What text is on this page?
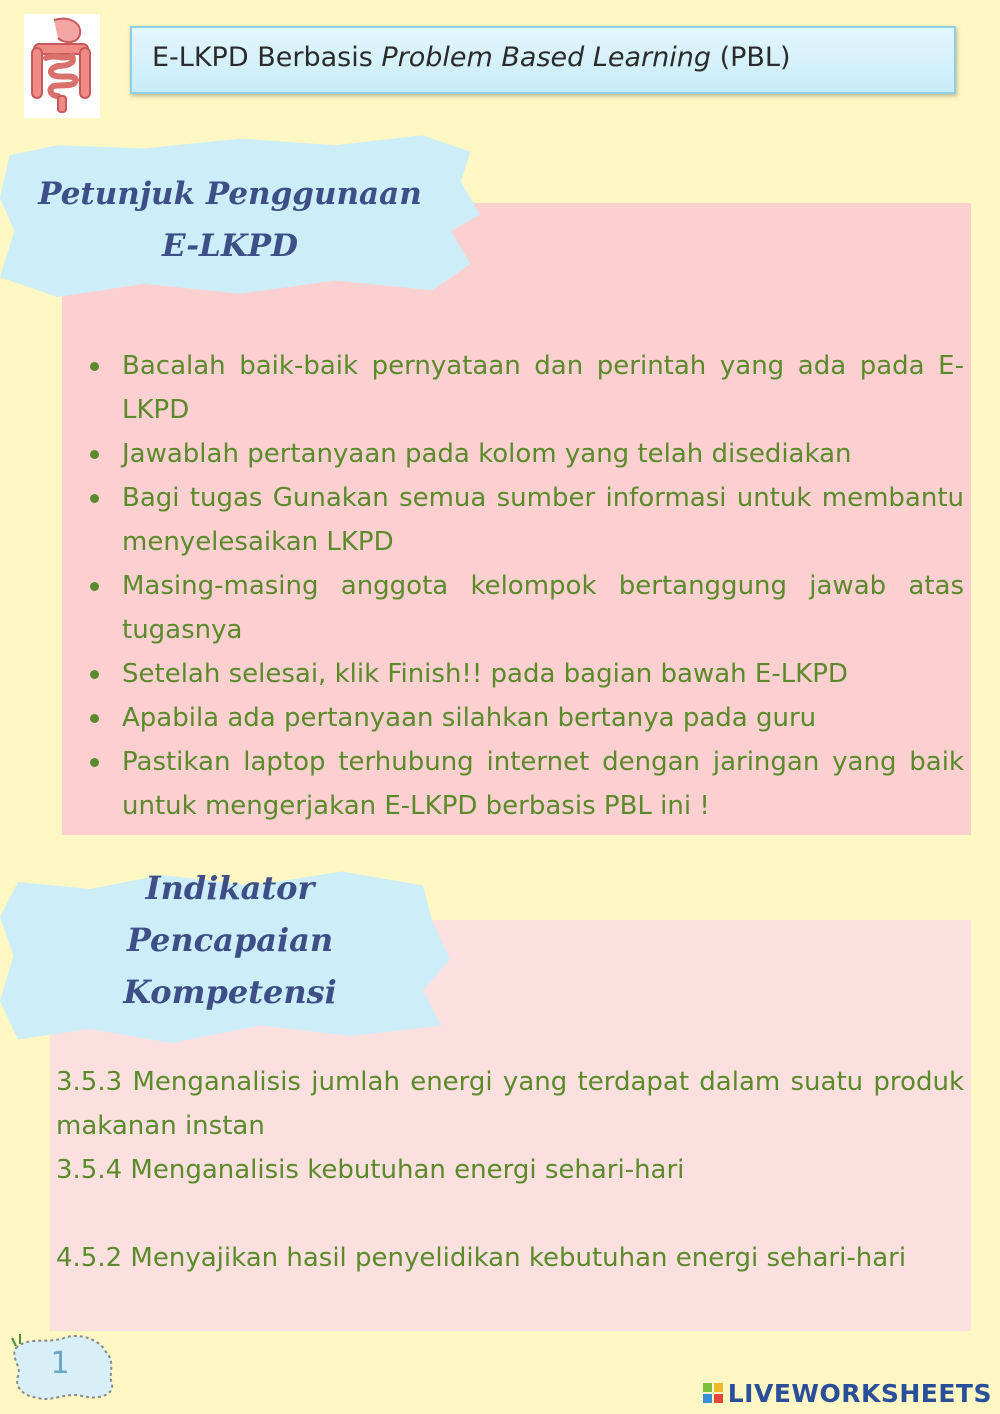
E-LKPD Berbasis Problem Based Learning (PBL)
Petunjuk Penggunaan E-LKPD
Bacalah baik-baik pernyataan dan perintah yang ada pada E-LKPD
Jawablah pertanyaan pada kolom yang telah disediakan
Bagi tugas Gunakan semua sumber informasi untuk membantu menyelesaikan LKPD
Masing-masing anggota kelompok bertanggung jawab atas tugasnya
Setelah selesai, klik Finish!! pada bagian bawah E-LKPD
Apabila ada pertanyaan silahkan bertanya pada guru
Pastikan laptop terhubung internet dengan jaringan yang baik untuk mengerjakan E-LKPD berbasis PBL ini !
Indikator Pencapaian Kompetensi

3.5.3 Menganalisis jumlah energi yang terdapat dalam suatu produk makanan instan

3.5.4 Menganalisis kebutuhan energi sehari-hari

4.5.2 Menyajikan hasil penyelidikan kebutuhan energi sehari-hari

1
LIVEWORKSHEETS
